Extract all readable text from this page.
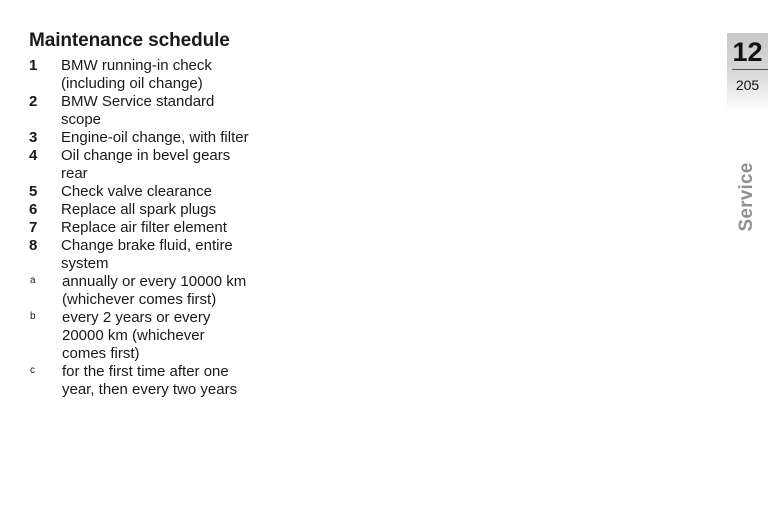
Maintenance schedule
1	BMW running-in check (including oil change)
2	BMW Service standard scope
3	Engine-oil change, with filter
4	Oil change in bevel gears rear
5	Check valve clearance
6	Replace all spark plugs
7	Replace air filter element
8	Change brake fluid, entire system
a	annually or every 10000 km (whichever comes first)
b	every 2 years or every 20000 km (whichever comes first)
c	for the first time after one year, then every two years
12
205
Service
